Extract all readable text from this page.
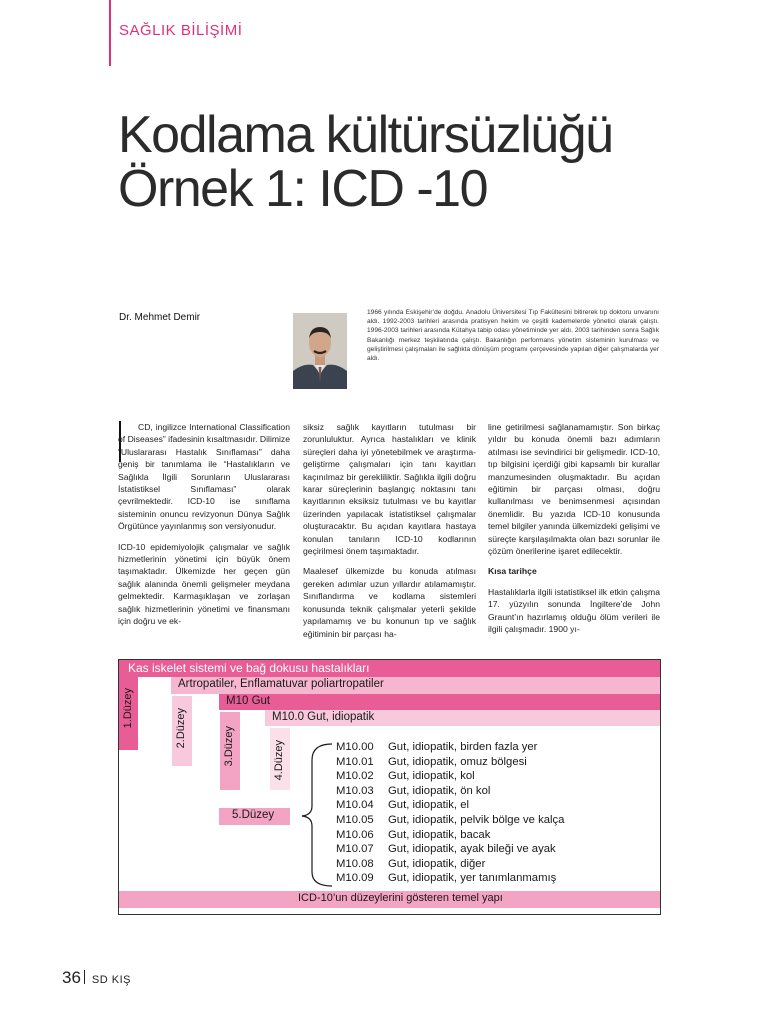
SAĞLIK BİLİŞİMİ
Kodlama kültürsüzlüğü
Örnek 1: ICD -10
Dr. Mehmet Demir	1966 yılında Eskişehir’de doğdu. Anadolu Üniversitesi Tıp Fakültesini bitirerek tıp doktoru unvanını aldı. 1992-2003 tarihleri arasında pratisyen hekim ve çeşitli kademelerde yönetici olarak çalıştı. 1996-2003 tarihleri arasında Kütahya tabip odası yönetiminde yer aldı. 2003 tarihinden sonra Sağlık Bakanlığı merkez teşkilatında çalıştı. Bakanlığın performans yönetim sisteminin kurulması ve geliştirilmesi çalışmaları ile sağlıkta dönüşüm programı çerçevesinde yapılan diğer çalışmalarda yer aldı.

CD, ingilizce International Classification of Diseases” ifadesinin kısaltmasıdır. Dilimize “Uluslararası Hastalık Sınıflaması” daha geniş bir tanımlama ile “Hastalıkların ve Sağlıkla İlgili Sorunların Uluslararası İstatistiksel Sınıflaması” olarak çevrilmektedir. ICD-10 ise sınıflama sisteminin onuncu revizyonun Dünya Sağlık Örgütünce yayınlanmış son versiyonudur.

ICD-10 epidemiyolojik çalışmalar ve sağlık hizmetlerinin yönetimi için büyük önem taşımaktadır. Ülkemizde her geçen gün sağlık alanında önemli gelişmeler meydana gelmektedir. Karmaşıklaşan ve zorlaşan sağlık hizmetlerinin yönetimi ve finansmanı için doğru ve ek-

siksiz sağlık kayıtların tutulması bir zorunluluktur. Ayrıca hastalıkları ve klinik süreçleri daha iyi yönetebilmek ve araştırma-geliştirme çalışmaları için tanı kayıtları kaçınılmaz bir gerekliliktir. Sağlıkla ilgili doğru karar süreçlerinin başlangıç noktasını tanı kayıtlarının eksiksiz tutulması ve bu kayıtlar üzerinden yapılacak istatistiksel çalışmalar oluşturacaktır. Bu açıdan kayıtlara hastaya konulan tanıların ICD-10 kodlarının geçirilmesi önem taşımaktadır.

Maalesef ülkemizde bu konuda atılması gereken adımlar uzun yıllardır atılamamıştır. Sınıflandırma ve kodlama sistemleri konusunda teknik çalışmalar yeterli şekilde yapılamamış ve bu konunun tıp ve sağlık eğitiminin bir parçası ha-

line getirilmesi sağlanamamıştır. Son birkaç yıldır bu konuda önemli bazı adımların atılması ise sevindirici bir gelişmedir. ICD-10, tıp bilgisini içerdiği gibi kapsamlı bir kurallar manzumesinden oluşmaktadır. Bu açıdan eğitimin bir parçası olması, doğru kullanılması ve benimsenmesi açısından önemlidir. Bu yazıda ICD-10 konusunda temel bilgiler yanında ülkemizdeki gelişimi ve süreçte karşılaşılmakta olan bazı sorunlar ile çözüm önerilerine işaret edilecektir.

Kısa tarihçe

Hastalıklarla ilgili istatistiksel ilk etkin çalışma 17. yüzyılın sonunda İngiltere’de John Graunt’ın hazırlamış olduğu ölüm verileri ile ilgili çalışmadır. 1900 yı-

Kas iskelet sistemi ve bağ dokusu hastalıkları
1.Düzey
Artropatiler, Enflamatuvar poliartropatiler
2.Düzey
M10 Gut
3.Düzey
M10.0 Gut, idiopatik
4.Düzey
5.Düzey
M10.00 Gut, idiopatik, birden fazla yer
M10.01 Gut, idiopatik, omuz bölgesi
M10.02 Gut, idiopatik, kol
M10.03 Gut, idiopatik, ön kol
M10.04 Gut, idiopatik, el
M10.05 Gut, idiopatik, pelvik bölge ve kalça
M10.06 Gut, idiopatik, bacak
M10.07 Gut, idiopatik, ayak bileği ve ayak
M10.08 Gut, idiopatik, diğer
M10.09 Gut, idiopatik, yer tanımlanmamış
ICD-10’un düzeylerini gösteren temel yapı
36 SD KIŞ
